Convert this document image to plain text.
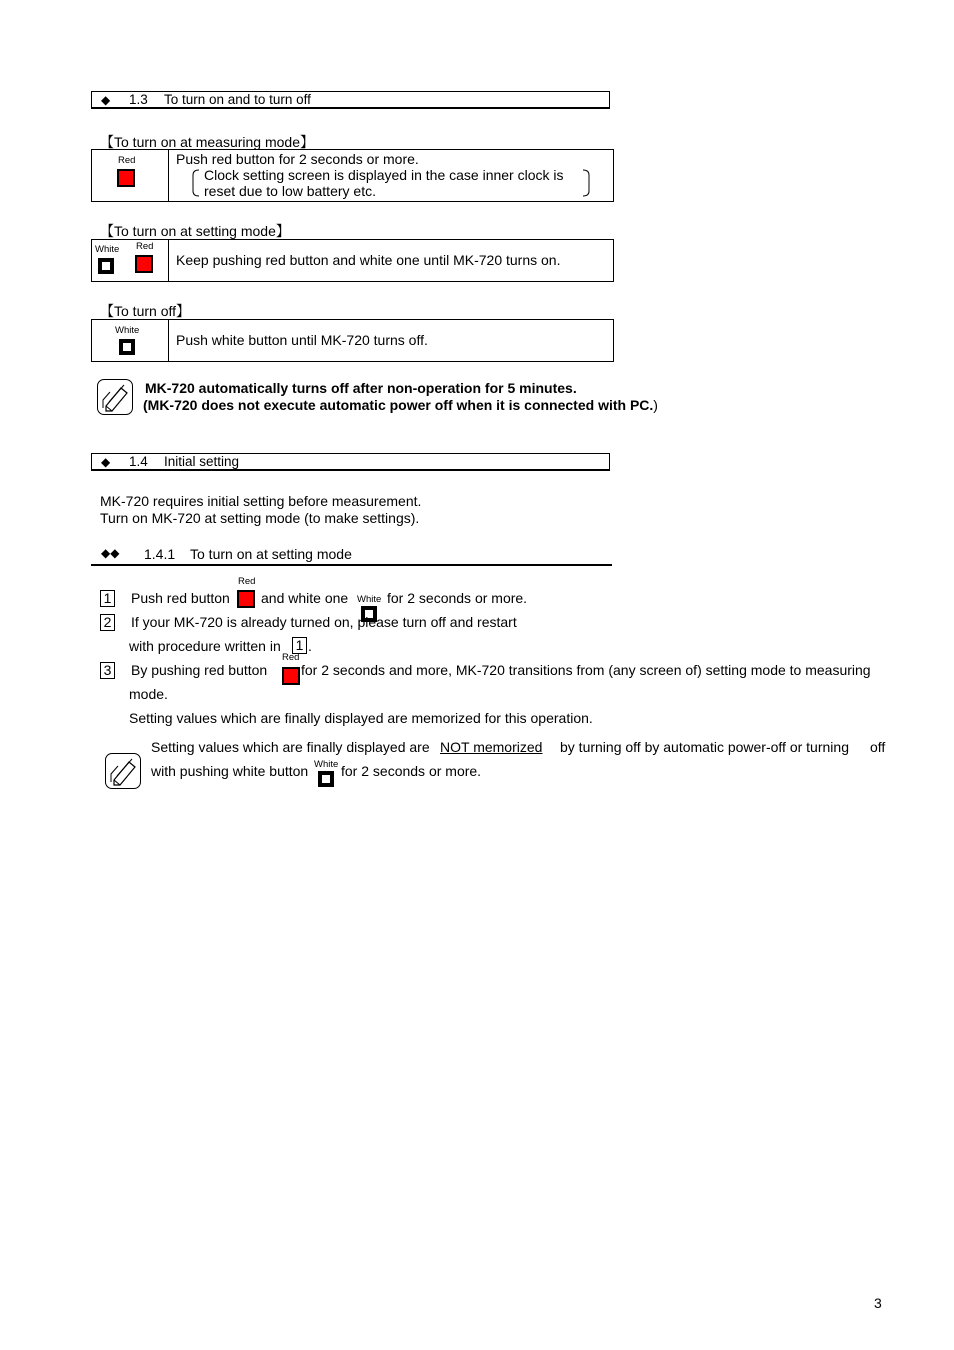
◆ 1.3 To turn on and to turn off
【To turn on at measuring mode】
Red	Push red button for 2 seconds or more.
Clock setting screen is displayed in the case inner clock is
reset due to low battery etc.
【To turn on at setting mode】
White Red
Keep pushing red button and white one until MK-720 turns on.
【To turn off】
White
Push white button until MK-720 turns off.
MK-720 automatically turns off after non-operation for 5 minutes.
(MK-720 does not execute automatic power off when it is connected with PC.)
◆ 1.4 Initial setting
MK-720 requires initial setting before measurement.
Turn on MK-720 at setting mode (to make settings).
◆◆ 1.4.1 To turn on at setting mode
1 Push red button
Red
and white one White for 2 seconds or more.
2 If your MK-720 is already turned on, please turn off and restart
with procedure written in 1 .
3 By pushing red button
Red
for 2 seconds and more, MK-720 transitions from (any screen of) setting mode to measuring
mode.
Setting values which are finally displayed are memorized for this operation.
Setting values which are finally displayed are NOT memorized by turning off by automatic power-off or turning off
with pushing white button White for 2 seconds or more.
3
